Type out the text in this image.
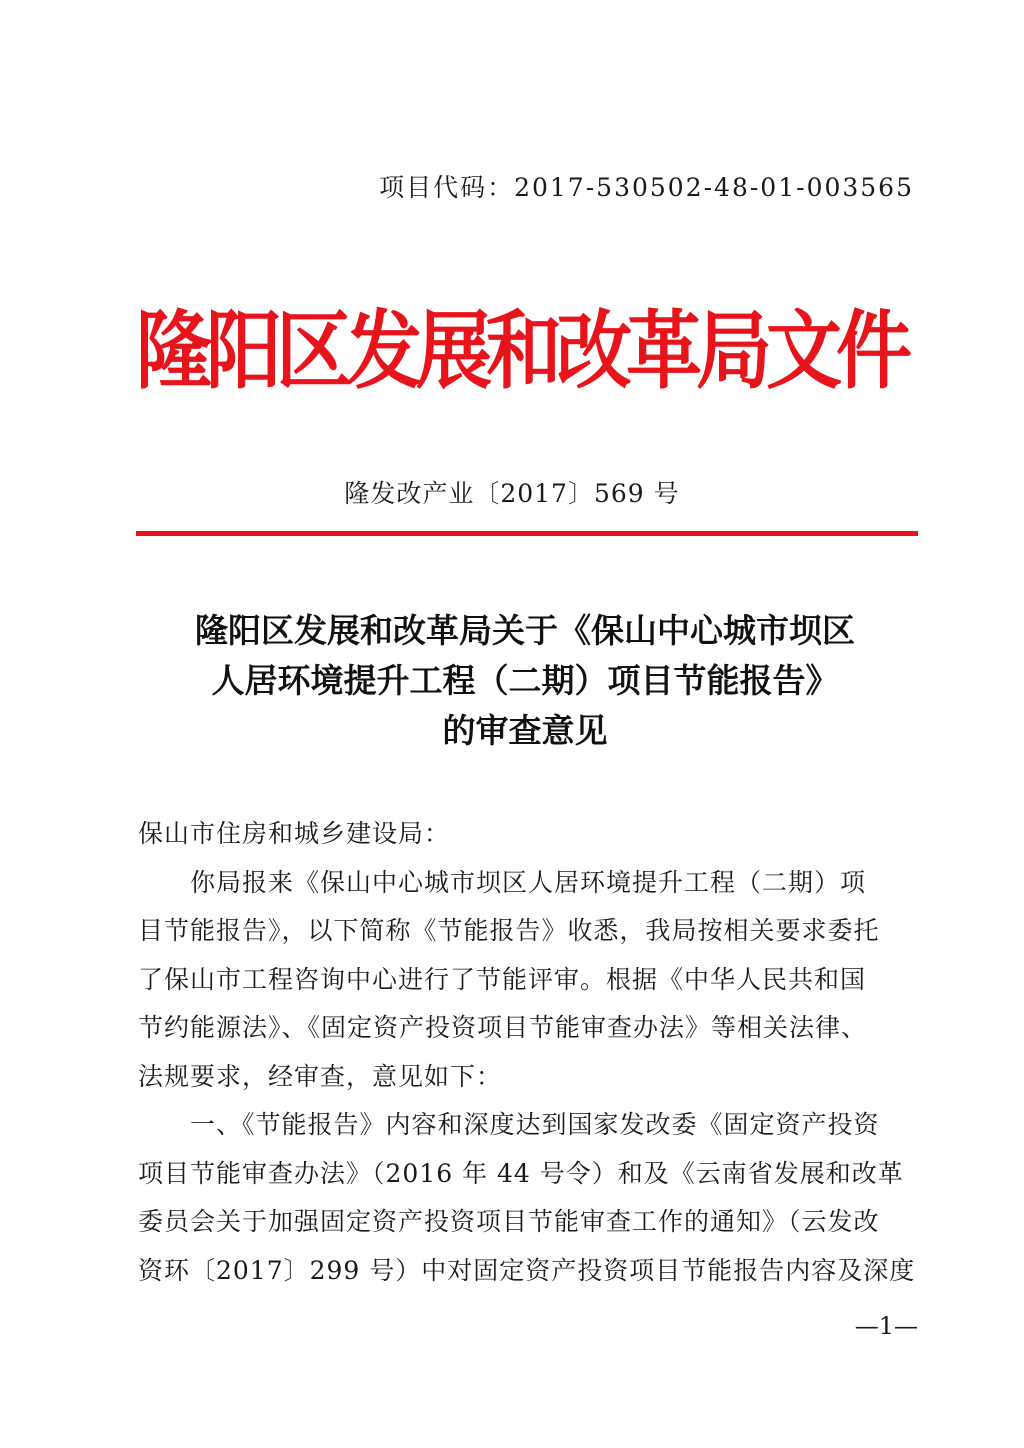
项目代码：2017-530502-48-01-003565
隆阳区发展和改革局文件
隆发改产业〔2017〕569 号
隆阳区发展和改革局关于《保山中心城市坝区
人居环境提升工程（二期）项目节能报告》
的审查意见
保山市住房和城乡建设局：
　　你局报来《保山中心城市坝区人居环境提升工程（二期）项
目节能报告》，以下简称《节能报告》收悉，我局按相关要求委托
了保山市工程咨询中心进行了节能评审。根据《中华人民共和国
节约能源法》、《固定资产投资项目节能审查办法》等相关法律、
法规要求，经审查，意见如下：
　　一、《节能报告》内容和深度达到国家发改委《固定资产投资
项目节能审查办法》（2016 年 44 号令）和及《云南省发展和改革
委员会关于加强固定资产投资项目节能审查工作的通知》（云发改
资环〔2017〕299 号）中对固定资产投资项目节能报告内容及深度
—1—
